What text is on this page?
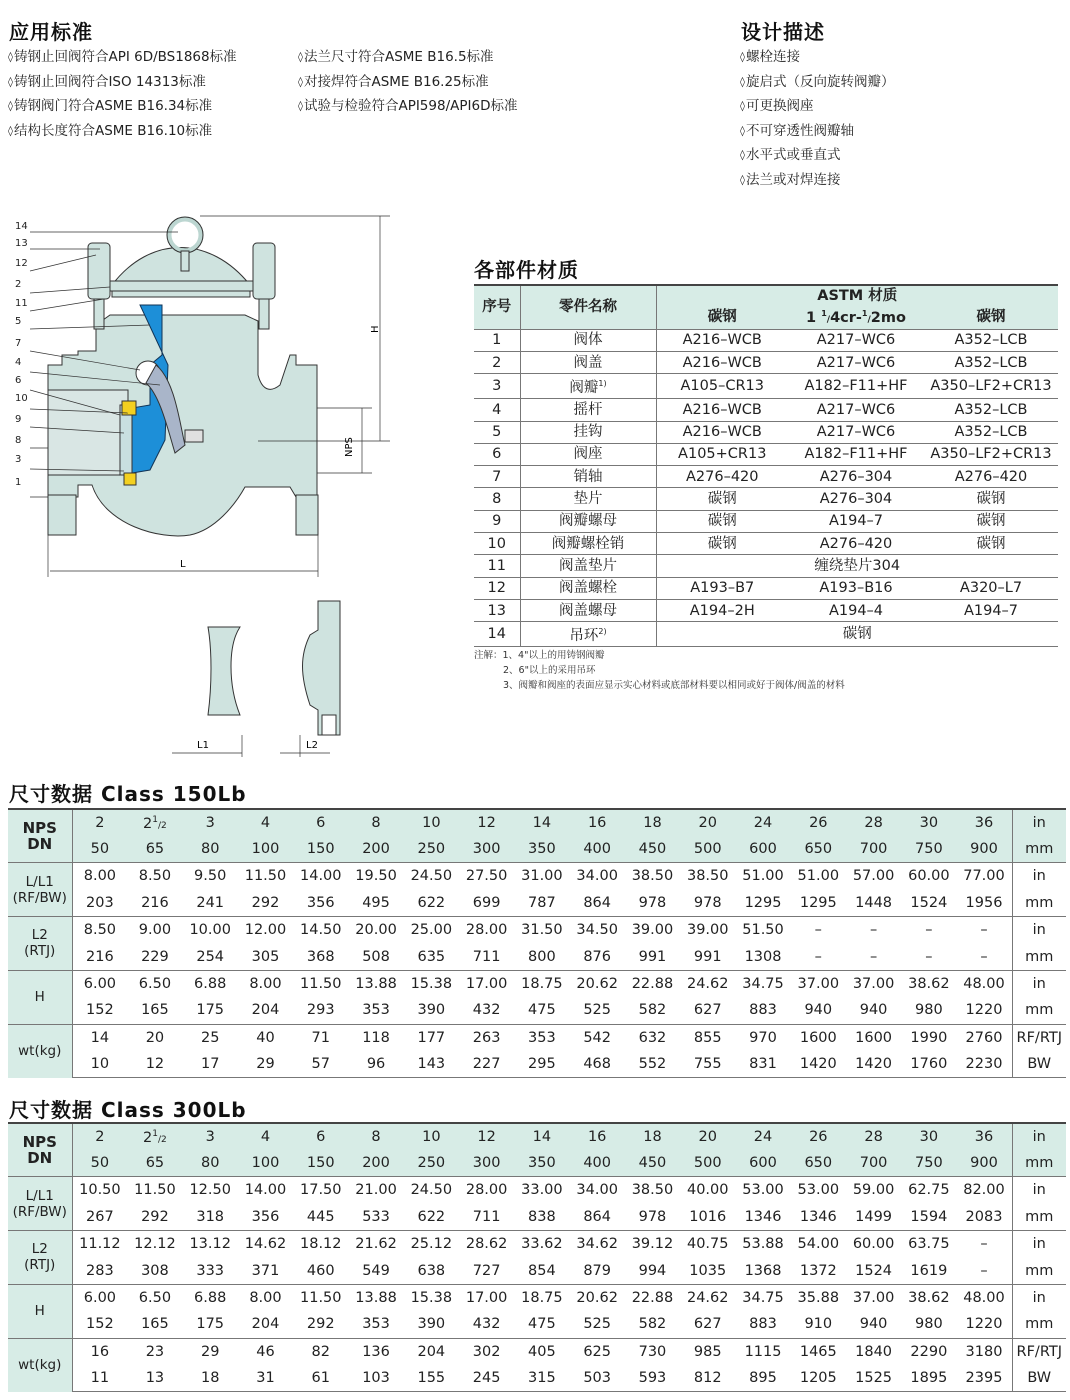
应用标准
◊ 铸钢止回阀符合API 6D/BS1868标准
◊ 铸钢止回阀符合ISO 14313标准
◊ 铸钢阀门符合ASME B16.34标准
◊ 结构长度符合ASME B16.10标准
◊ 法兰尺寸符合ASME B16.5标准
◊ 对接焊符合ASME B16.25标准
◊ 试验与检验符合API598/API6D标准
设计描述
◊ 螺栓连接
◊ 旋启式（反向旋转阀瓣）
◊ 可更换阀座
◊ 不可穿透性阀瓣轴
◊ 水平式或垂直式
◊ 法兰或对焊连接
14
13
12
2
11
5
7
4
6
10
9
8
3
1
H
NPS
L
L1	L2
各部件材质
序号	零件名称	ASTM 材质		
		碳钢	1 $^1$/4cr-$^1$/2mo	碳钢
1	阀体	A216–WCB	A217–WC6	A352–LCB
2	阀盖	A216–WCB	A217–WC6	A352–LCB
3	阀瓣$^{1)}$	A105–CR13	A182–F11+HF	A350–LF2+CR13
4	摇杆	A216–WCB	A217–WC6	A352–LCB
5	挂钩	A216–WCB	A217–WC6	A352–LCB
6	阀座	A105+CR13	A182–F11+HF	A350–LF2+CR13
7	销轴	A276–420	A276–304	A276–420
8	垫片	碳钢	A276–304	碳钢
9	阀瓣螺母	碳钢	A194–7	碳钢
10	阀瓣螺栓销	碳钢	A276–420	碳钢
11	阀盖垫片	缠绕垫片304		
12	阀盖螺栓	A193–B7	A193–B16	A320–L7
13	阀盖螺母	A194–2H	A194–4	A194–7
14	吊环$^{2)}$	碳钢		
注解：1、4"以上的用铸钢阀瓣
2、6"以上的采用吊环
3、阀瓣和阀座的表面应显示实心材料或底部材料要以相同或好于阀体/阀盖的材料
尺寸数据 Class 150Lb
NPS
DN	2	$2^1/2$	3	4	6	8	10	12	14	16	18	20	24	26	28	30	36	in
	50	65	80	100	150	200	250	300	350	400	450	500	600	650	700	750	900	mm
L/L1
(RF/BW)	8.00	8.50	9.50	11.50	14.00	19.50	24.50	27.50	31.00	34.00	38.50	38.50	51.00	51.00	57.00	60.00	77.00	in
	203	216	241	292	356	495	622	699	787	864	978	978	1295	1295	1448	1524	1956	mm
L2
(RTJ)	8.50	9.00	10.00	12.00	14.50	20.00	25.00	28.00	31.50	34.50	39.00	39.00	51.50	–	–	–	–	in
	216	229	254	305	368	508	635	711	800	876	991	991	1308	–	–	–	–	mm
H	6.00	6.50	6.88	8.00	11.50	13.88	15.38	17.00	18.75	20.62	22.88	24.62	34.75	37.00	37.00	38.62	48.00	in
	152	165	175	204	293	353	390	432	475	525	582	627	883	940	940	980	1220	mm
wt(kg)	14	20	25	40	71	118	177	263	353	542	632	855	970	1600	1600	1990	2760	RF/RTJ
	10	12	17	29	57	96	143	227	295	468	552	755	831	1420	1420	1760	2230	BW
尺寸数据 Class 300Lb
NPS
DN	2	$2^1/2$	3	4	6	8	10	12	14	16	18	20	24	26	28	30	36	in
	50	65	80	100	150	200	250	300	350	400	450	500	600	650	700	750	900	mm
L/L1
(RF/BW)	10.50	11.50	12.50	14.00	17.50	21.00	24.50	28.00	33.00	34.00	38.50	40.00	53.00	53.00	59.00	62.75	82.00	in
	267	292	318	356	445	533	622	711	838	864	978	1016	1346	1346	1499	1594	2083	mm
L2
(RTJ)	11.12	12.12	13.12	14.62	18.12	21.62	25.12	28.62	33.62	34.62	39.12	40.75	53.88	54.00	60.00	63.75	–	in
	283	308	333	371	460	549	638	727	854	879	994	1035	1368	1372	1524	1619	–	mm
H	6.00	6.50	6.88	8.00	11.50	13.88	15.38	17.00	18.75	20.62	22.88	24.62	34.75	35.88	37.00	38.62	48.00	in
	152	165	175	204	292	353	390	432	475	525	582	627	883	910	940	980	1220	mm
wt(kg)	16	23	29	46	82	136	204	302	405	625	730	985	1115	1465	1840	2290	3180	RF/RTJ
	11	13	18	31	61	103	155	245	315	503	593	812	895	1205	1525	1895	2395	BW
